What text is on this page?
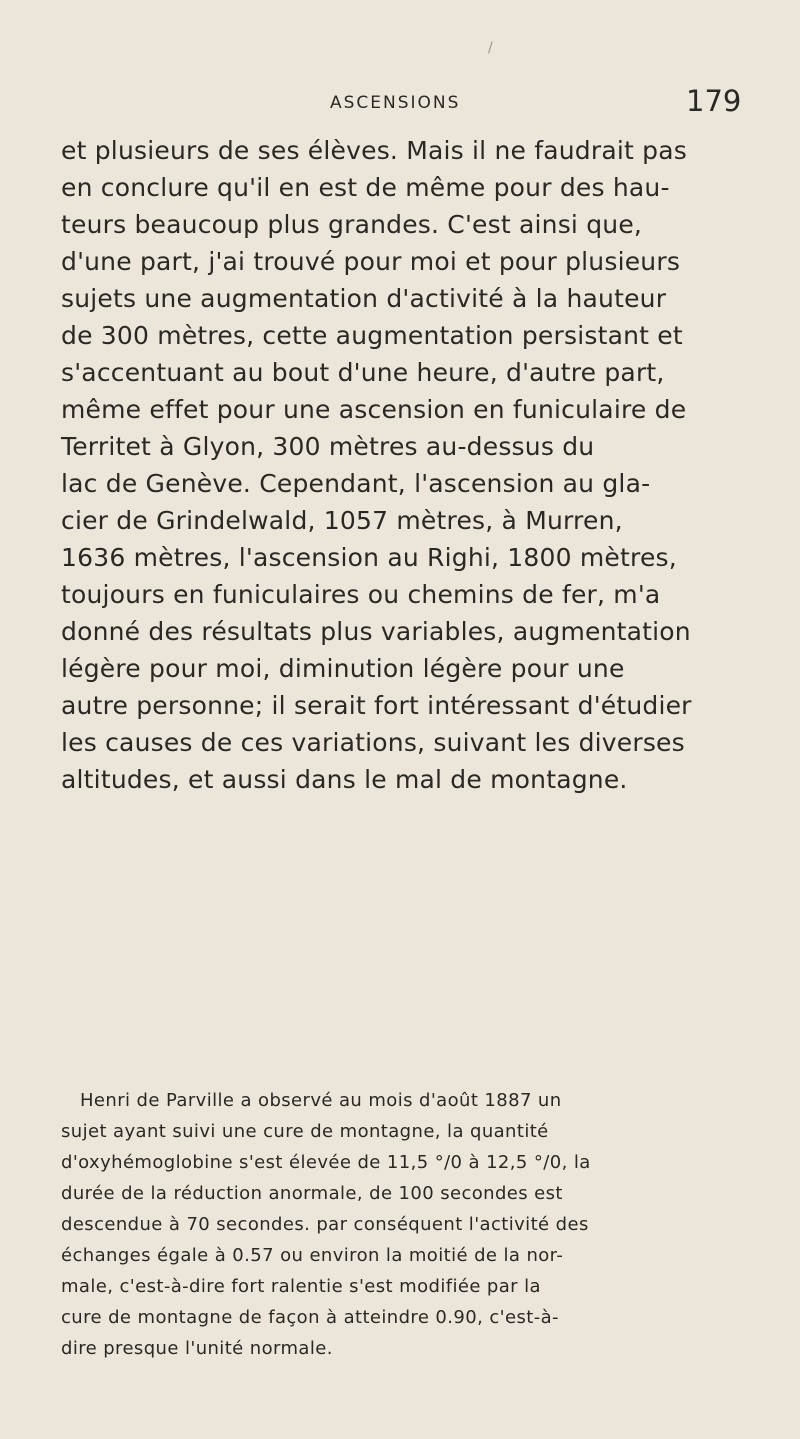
/
ASCENSIONS	179
et plusieurs de ses élèves. Mais il ne faudrait pas
en conclure qu'il en est de même pour des hau-
teurs beaucoup plus grandes. C'est ainsi que,
d'une part, j'ai trouvé pour moi et pour plusieurs
sujets une augmentation d'activité à la hauteur
de 300 mètres, cette augmentation persistant et
s'accentuant au bout d'une heure, d'autre part,
même effet pour une ascension en funiculaire de
Territet à Glyon, 300 mètres au-dessus du
lac de Genève. Cependant, l'ascension au gla-
cier de Grindelwald, 1057 mètres, à Murren,
1636 mètres, l'ascension au Righi, 1800 mètres,
toujours en funiculaires ou chemins de fer, m'a
donné des résultats plus variables, augmentation
légère pour moi, diminution légère pour une
autre personne; il serait fort intéressant d'étudier
les causes de ces variations, suivant les diverses
altitudes, et aussi dans le mal de montagne.
Henri de Parville a observé au mois d'août 1887 un
sujet ayant suivi une cure de montagne, la quantité
d'oxyhémoglobine s'est élevée de 11,5 °/0 à 12,5 °/0, la
durée de la réduction anormale, de 100 secondes est
descendue à 70 secondes. par conséquent l'activité des
échanges égale à 0.57 ou environ la moitié de la nor-
male, c'est-à-dire fort ralentie s'est modifiée par la
cure de montagne de façon à atteindre 0.90, c'est-à-
dire presque l'unité normale.
